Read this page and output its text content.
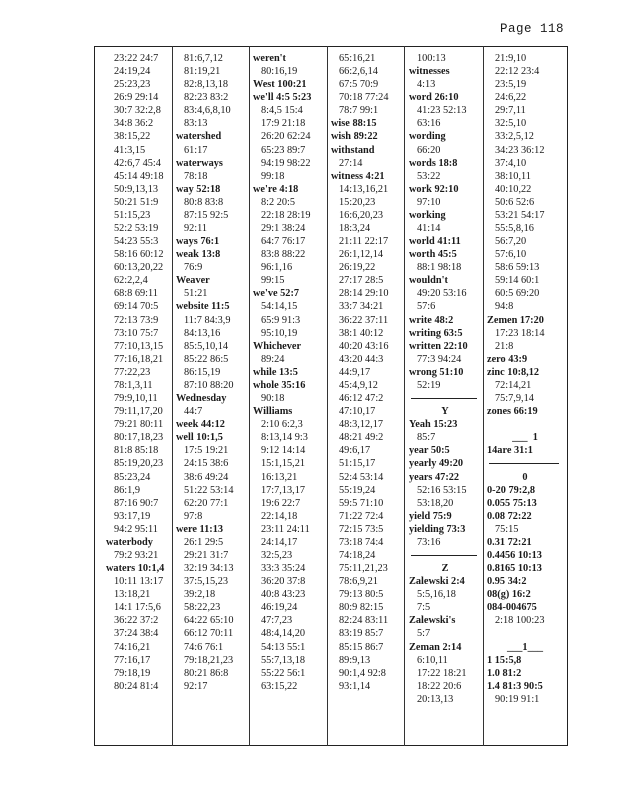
Page 118
23:22 24:7
24:19,24
25:23,23
26:9 29:14
30:7 32:2,8
34:8 36:2
38:15,22
41:3,15
42:6,7 45:4
45:14 49:18
50:9,13,13
50:21 51:9
51:15,23
52:2 53:19
54:23 55:3
58:16 60:12
60:13,20,22
62:2,2,4
68:8 69:11
69:14 70:5
72:13 73:9
73:10 75:7
77:10,13,15
77:16,18,21
77:22,23
78:1,3,11
79:9,10,11
79:11,17,20
79:21 80:11
80:17,18,23
81:8 85:18
85:19,20,23
85:23,24
86:1,9
87:16 90:7
93:17,19
94:2 95:11
waterbody
79:2 93:21
waters 10:1,4
10:11 13:17
13:18,21
14:1 17:5,6
36:22 37:2
37:24 38:4
74:16,21
77:16,17
79:18,19
80:24 81:4
81:6,7,12
81:19,21
82:8,13,18
82:23 83:2
83:4,6,8,10
83:13
watershed
61:17
waterways
78:18
way 52:18
80:8 83:8
87:15 92:5
92:11
ways 76:1
weak 13:8
76:9
Weaver
51:21
website 11:5
11:7 84:3,9
84:13,16
85:5,10,14
85:22 86:5
86:15,19
87:10 88:20
Wednesday
44:7
week 44:12
well 10:1,5
17:5 19:21
24:15 38:6
38:6 49:24
51:22 53:14
62:20 77:1
97:8
were 11:13
26:1 29:5
29:21 31:7
32:19 34:13
37:5,15,23
39:2,18
58:22,23
64:22 65:10
66:12 70:11
74:6 76:1
79:18,21,23
80:21 86:8
92:17
weren't
80:16,19
West 100:21
we'll 4:5 5:23
8:4,5 15:4
17:9 21:18
26:20 62:24
65:23 89:7
94:19 98:22
99:18
we're 4:18
8:2 20:5
22:18 28:19
29:1 38:24
64:7 76:17
83:8 88:22
96:1,16
99:15
we've 52:7
54:14,15
65:9 91:3
95:10,19
Whichever
89:24
while 13:5
whole 35:16
90:18
Williams
2:10 6:2,3
8:13,14 9:3
9:12 14:14
15:1,15,21
16:13,21
17:7,13,17
19:6 22:7
22:14,18
23:11 24:11
24:14,17
32:5,23
33:3 35:24
36:20 37:8
40:8 43:23
46:19,24
47:7,23
48:4,14,20
54:13 55:1
55:7,13,18
55:22 56:1
63:15,22
65:16,21
66:2,6,14
67:5 70:9
70:18 77:24
78:7 99:1
wise 88:15
wish 89:22
withstand
27:14
witness 4:21
14:13,16,21
15:20,23
16:6,20,23
18:3,24
21:11 22:17
26:1,12,14
26:19,22
27:17 28:5
28:14 29:10
33:7 34:21
36:22 37:11
38:1 40:12
40:20 43:16
43:20 44:3
44:9,17
45:4,9,12
46:12 47:2
47:10,17
48:3,12,17
48:21 49:2
49:6,17
51:15,17
52:4 53:14
55:19,24
59:5 71:10
71:22 72:4
72:15 73:5
73:18 74:4
74:18,24
75:11,21,23
78:6,9,21
79:13 80:5
80:9 82:15
82:24 83:11
83:19 85:7
85:15 86:7
89:9,13
90:1,4 92:8
93:1,14
100:13
witnesses
4:13
word 26:10
41:23 52:13
63:16
wording
66:20
words 18:8
53:22
work 92:10
97:10
working
41:14
world 41:11
worth 45:5
88:1 98:18
wouldn't
49:20 53:16
57:6
write 48:2
writing 63:5
written 22:10
77:3 94:24
wrong 51:10
52:19
Y
Yeah 15:23
85:7
year 50:5
yearly 49:20
years 47:22
52:16 53:15
53:18,20
yield 75:9
yielding 73:3
73:16
Z
Zalewski 2:4
5:5,16,18
7:5
Zalewski's
5:7
Zeman 2:14
6:10,11
17:22 18:21
18:22 20:6
20:13,13
21:9,10
22:12 23:4
23:5,19
24:6,22
29:7,11
32:5,10
33:2,5,12
34:23 36:12
37:4,10
38:10,11
40:10,22
50:6 52:6
53:21 54:17
55:5,8,16
56:7,20
57:6,10
58:6 59:13
59:14 60:1
60:5 69:20
94:8
Zemen 17:20
17:23 18:14
21:8
zero 43:9
zinc 10:8,12
72:14,21
75:7,9,14
zones 66:19
___  1
14are 31:1
0
0-20 79:2,8
0.055 75:13
0.08 72:22
75:15
0.31 72:21
0.4456 10:13
0.8165 10:13
0.95 34:2
08(g) 16:2
084-004675
2:18 100:23
___1___
1 15:5,8
1.0 81:2
1.4 81:3 90:5
90:19 91:1
